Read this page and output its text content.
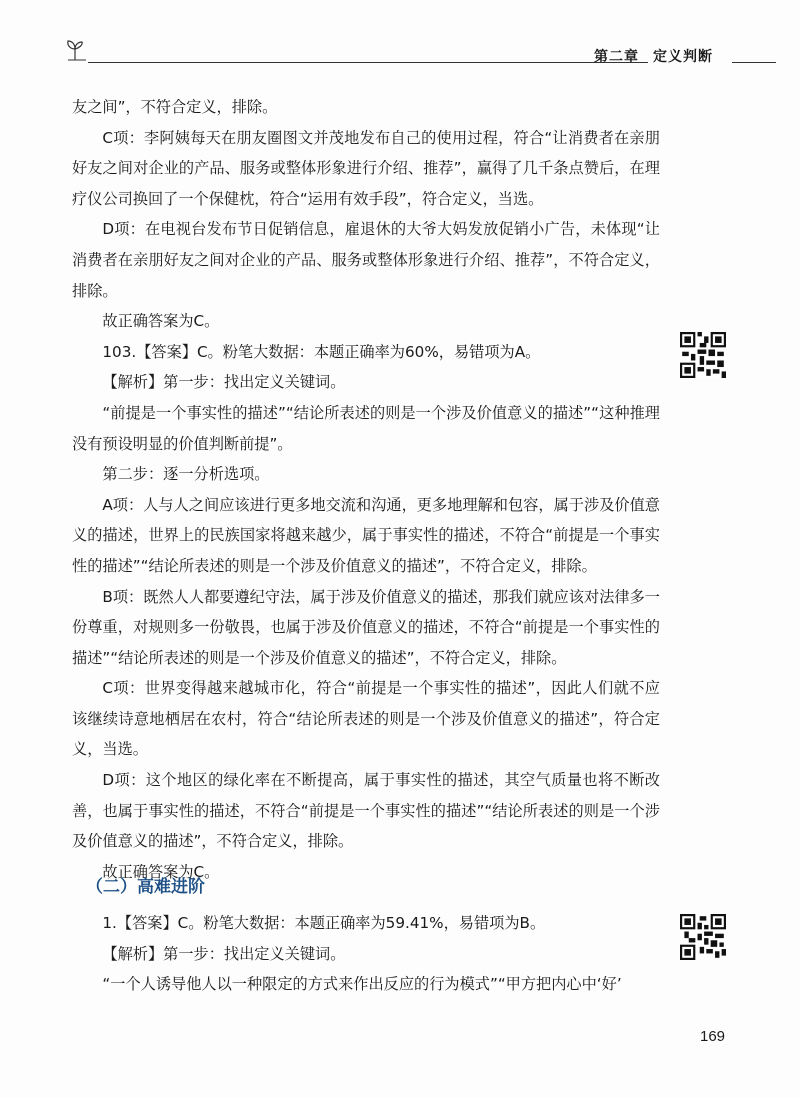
第二章 定义判断

友之间”，不符合定义，排除。

C项：李阿姨每天在朋友圈图文并茂地发布自己的使用过程，符合“让消费者在亲朋好友之间对企业的产品、服务或整体形象进行介绍、推荐”，赢得了几千条点赞后，在理疗仪公司换回了一个保健枕，符合“运用有效手段”，符合定义，当选。

D项：在电视台发布节日促销信息，雇退休的大爷大妈发放促销小广告，未体现“让消费者在亲朋好友之间对企业的产品、服务或整体形象进行介绍、推荐”，不符合定义，排除。

故正确答案为C。

103.【答案】C。粉笔大数据：本题正确率为60%，易错项为A。

【解析】第一步：找出定义关键词。

“前提是一个事实性的描述”“结论所表述的则是一个涉及价值意义的描述”“这种推理没有预设明显的价值判断前提”。

第二步：逐一分析选项。

A项：人与人之间应该进行更多地交流和沟通，更多地理解和包容，属于涉及价值意义的描述，世界上的民族国家将越来越少，属于事实性的描述，不符合“前提是一个事实性的描述”“结论所表述的则是一个涉及价值意义的描述”，不符合定义，排除。

B项：既然人人都要遵纪守法，属于涉及价值意义的描述，那我们就应该对法律多一份尊重，对规则多一份敬畏，也属于涉及价值意义的描述，不符合“前提是一个事实性的描述”“结论所表述的则是一个涉及价值意义的描述”，不符合定义，排除。

C项：世界变得越来越城市化，符合“前提是一个事实性的描述”，因此人们就不应该继续诗意地栖居在农村，符合“结论所表述的则是一个涉及价值意义的描述”，符合定义，当选。

D项：这个地区的绿化率在不断提高，属于事实性的描述，其空气质量也将不断改善，也属于事实性的描述，不符合“前提是一个事实性的描述”“结论所表述的则是一个涉及价值意义的描述”，不符合定义，排除。

故正确答案为C。

（二）高难进阶

1.【答案】C。粉笔大数据：本题正确率为59.41%，易错项为B。

【解析】第一步：找出定义关键词。

“一个人诱导他人以一种限定的方式来作出反应的行为模式”“甲方把内心中‘好’

169
